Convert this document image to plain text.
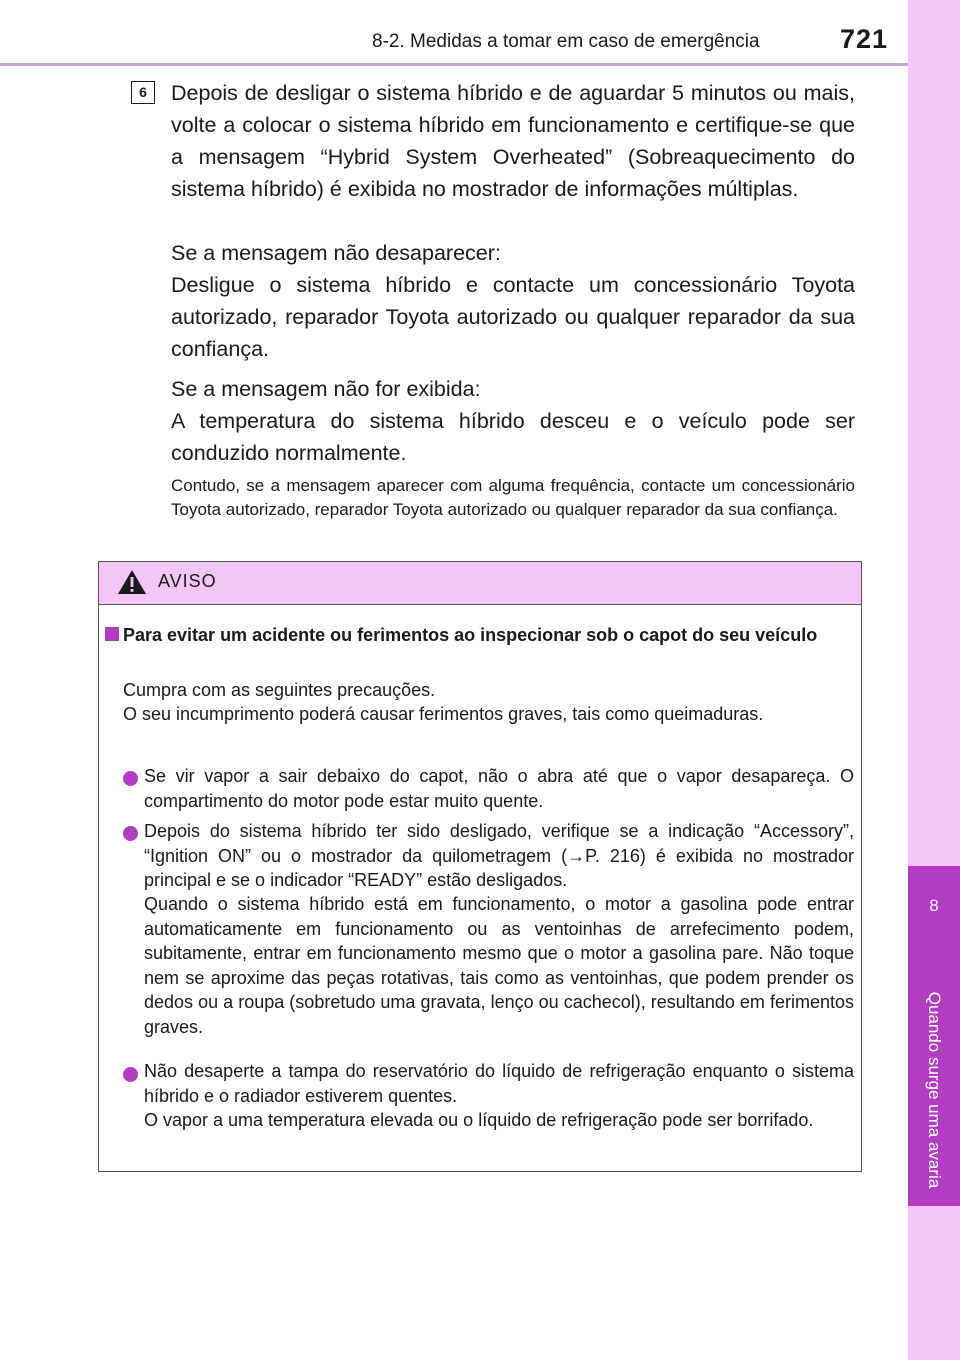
8-2. Medidas a tomar em caso de emergência	721
8
Quando surge uma avaria
6	Depois de desligar o sistema híbrido e de aguardar 5 minutos ou mais, volte a colocar o sistema híbrido em funcionamento e certifique-se que a mensagem “Hybrid System Overheated” (Sobreaquecimento do sistema híbrido) é exibida no mostrador de informações múltiplas.

Se a mensagem não desaparecer:

Desligue o sistema híbrido e contacte um concessionário Toyota autorizado, reparador Toyota autorizado ou qualquer reparador da sua confiança.

Se a mensagem não for exibida:

A temperatura do sistema híbrido desceu e o veículo pode ser conduzido normalmente.

Contudo, se a mensagem aparecer com alguma frequência, contacte um concessionário Toyota autorizado, reparador Toyota autorizado ou qualquer reparador da sua confiança.

AVISO

Para evitar um acidente ou ferimentos ao inspecionar sob o capot do seu veículo

Cumpra com as seguintes precauções.

O seu incumprimento poderá causar ferimentos graves, tais como queimaduras.

Se vir vapor a sair debaixo do capot, não o abra até que o vapor desapareça. O compartimento do motor pode estar muito quente.

Depois do sistema híbrido ter sido desligado, verifique se a indicação “Accessory”, “Ignition ON” ou o mostrador da quilometragem (→P. 216) é exibida no mostrador principal e se o indicador “READY” estão desligados.

Quando o sistema híbrido está em funcionamento, o motor a gasolina pode entrar automaticamente em funcionamento ou as ventoinhas de arrefecimento podem, subitamente, entrar em funcionamento mesmo que o motor a gasolina pare. Não toque nem se aproxime das peças rotativas, tais como as ventoinhas, que podem prender os dedos ou a roupa (sobretudo uma gravata, lenço ou cachecol), resultando em ferimentos graves.

Não desaperte a tampa do reservatório do líquido de refrigeração enquanto o sistema híbrido e o radiador estiverem quentes.

O vapor a uma temperatura elevada ou o líquido de refrigeração pode ser borrifado.
